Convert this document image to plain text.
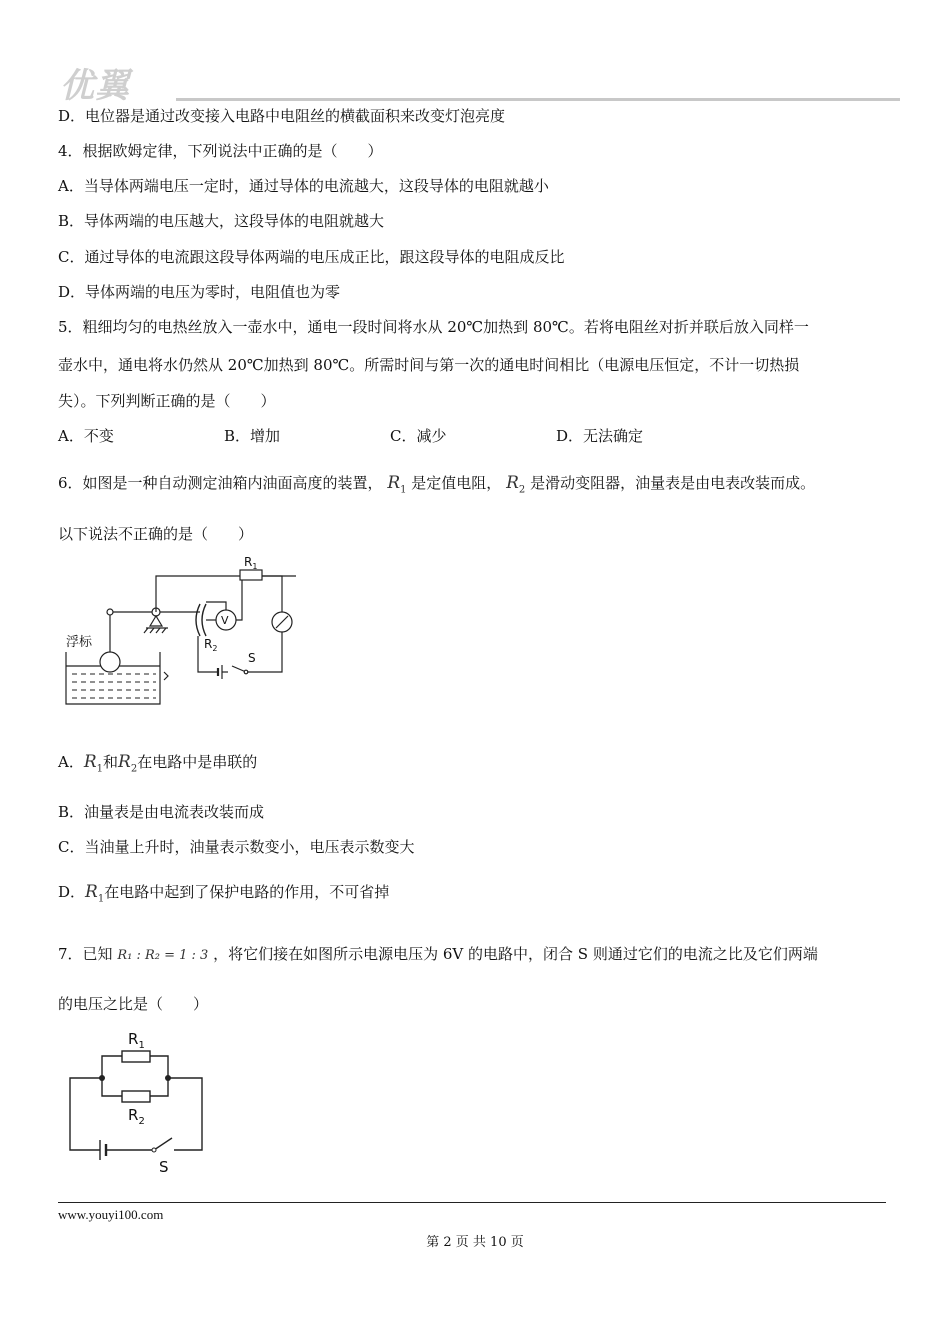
优翼
D．电位器是通过改变接入电路中电阻丝的横截面积来改变灯泡亮度
4．根据欧姆定律，下列说法中正确的是（　　）
A．当导体两端电压一定时，通过导体的电流越大，这段导体的电阻就越小
B．导体两端的电压越大，这段导体的电阻就越大
C．通过导体的电流跟这段导体两端的电压成正比，跟这段导体的电阻成反比
D．导体两端的电压为零时，电阻值也为零
5．粗细均匀的电热丝放入一壶水中，通电一段时间将水从 20℃加热到 80℃。若将电阻丝对折并联后放入同样一
壶水中，通电将水仍然从 20℃加热到 80℃。所需时间与第一次的通电时间相比（电源电压恒定，不计一切热损
失）。下列判断正确的是（　　）
A．不变	B．增加	C．减少	D．无法确定
6．如图是一种自动测定油箱内油面高度的装置， $R_1$ 是定值电阻， $R_2$ 是滑动变阻器，油量表是由电表改装而成。
以下说法不正确的是（　　）
浮标
$R_1$
$R_2$
V
S
A．$R_1$和$R_2$在电路中是串联的
B．油量表是由电流表改装而成
C．当油量上升时，油量表示数变小，电压表示数变大
D．$R_1$在电路中起到了保护电路的作用，不可省掉
7．已知 R₁ : R₂ = 1 : 3 ，将它们接在如图所示电源电压为 6V 的电路中，闭合 S 则通过它们的电流之比及它们两端
的电压之比是（　　）
$R_1$
$R_2$
S
www.youyi100.com
第 2 页 共 10 页
